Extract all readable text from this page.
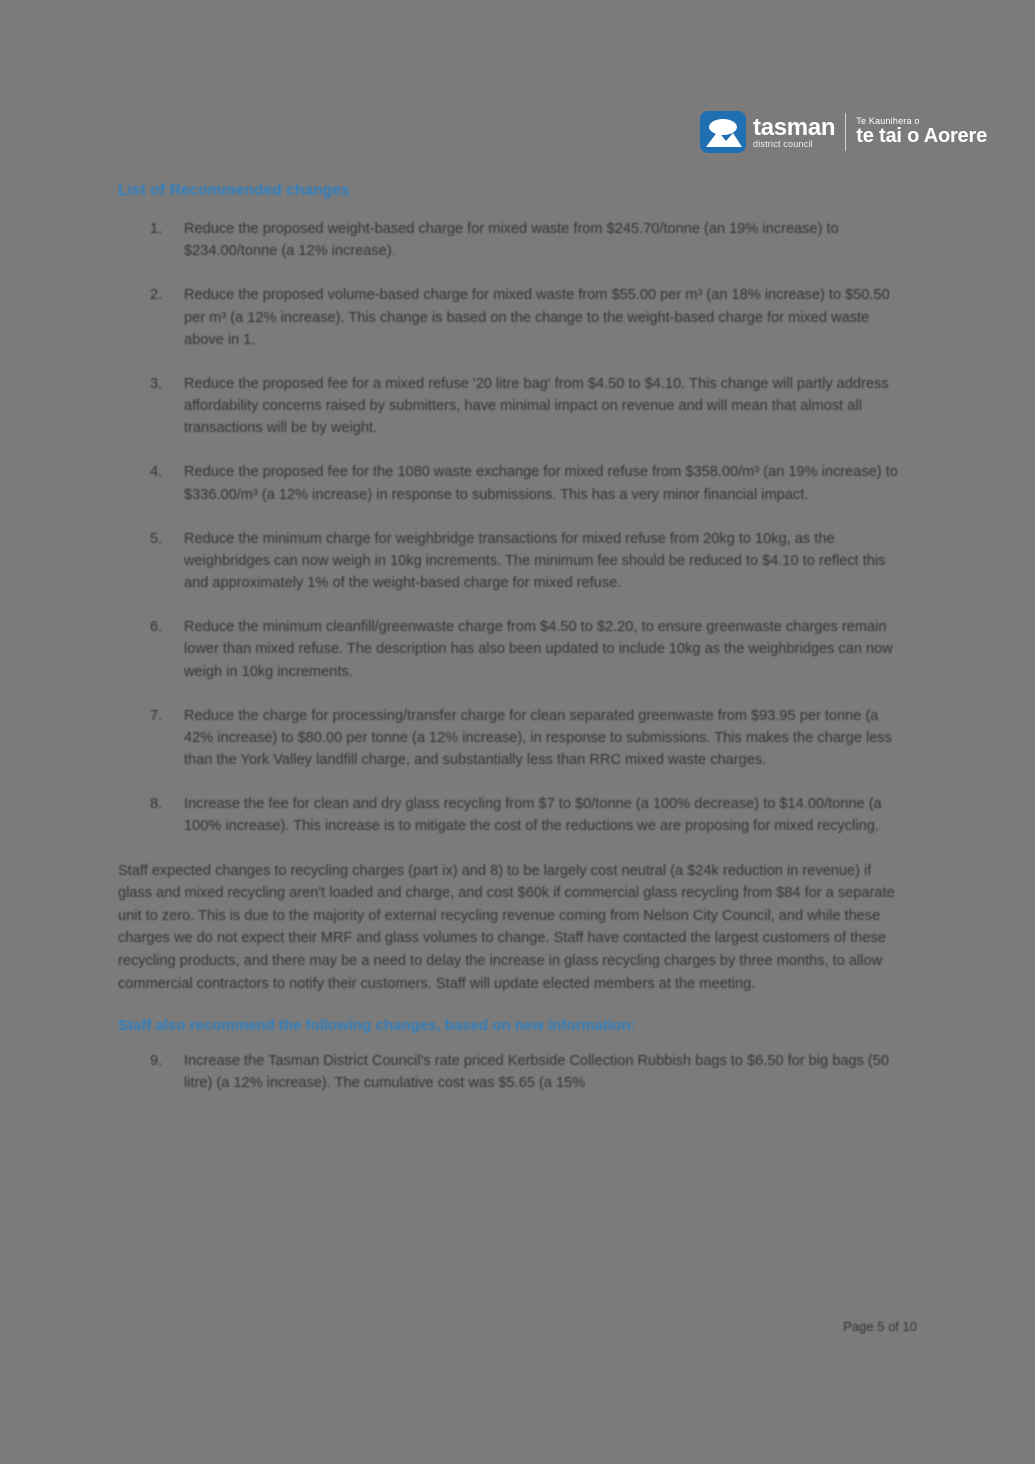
tasman
district council
Te Kaunihera o
te tai o Aorere
List of Recommended changes
1.	Reduce the proposed weight-based charge for mixed waste from $245.70/tonne (an 19% increase) to $234.00/tonne (a 12% increase).
2.	Reduce the proposed volume-based charge for mixed waste from $55.00 per m³ (an 18% increase) to $50.50 per m³ (a 12% increase). This change is based on the change to the weight-based charge for mixed waste above in 1.
3.	Reduce the proposed fee for a mixed refuse '20 litre bag' from $4.50 to $4.10. This change will partly address affordability concerns raised by submitters, have minimal impact on revenue and will mean that almost all transactions will be by weight.
4.	Reduce the proposed fee for the 1080 waste exchange for mixed refuse from $358.00/m³ (an 19% increase) to $336.00/m³ (a 12% increase) in response to submissions. This has a very minor financial impact.
5.	Reduce the minimum charge for weighbridge transactions for mixed refuse from 20kg to 10kg, as the weighbridges can now weigh in 10kg increments. The minimum fee should be reduced to $4.10 to reflect this and approximately 1% of the weight-based charge for mixed refuse.
6.	Reduce the minimum cleanfill/greenwaste charge from $4.50 to $2.20, to ensure greenwaste charges remain lower than mixed refuse. The description has also been updated to include 10kg as the weighbridges can now weigh in 10kg increments.
7.	Reduce the charge for processing/transfer charge for clean separated greenwaste from $93.95 per tonne (a 42% increase) to $80.00 per tonne (a 12% increase), in response to submissions. This makes the charge less than the York Valley landfill charge, and substantially less than RRC mixed waste charges.
8.	Increase the fee for clean and dry glass recycling from $7 to $0/tonne (a 100% decrease) to $14.00/tonne (a 100% increase). This increase is to mitigate the cost of the reductions we are proposing for mixed recycling.

Staff expected changes to recycling charges (part ix) and 8) to be largely cost neutral (a $24k reduction in revenue) if glass and mixed recycling aren't loaded and charge, and cost $60k if commercial glass recycling from $84 for a separate unit to zero. This is due to the majority of external recycling revenue coming from Nelson City Council, and while these charges we do not expect their MRF and glass volumes to change. Staff have contacted the largest customers of these recycling products, and there may be a need to delay the increase in glass recycling charges by three months, to allow commercial contractors to notify their customers. Staff will update elected members at the meeting.

Staff also recommend the following changes, based on new information:
9.	Increase the Tasman District Council's rate priced Kerbside Collection Rubbish bags to $6.50 for big bags (50 litre) (a 12% increase). The cumulative cost was $5.65 (a 15%
Page 5 of 10
